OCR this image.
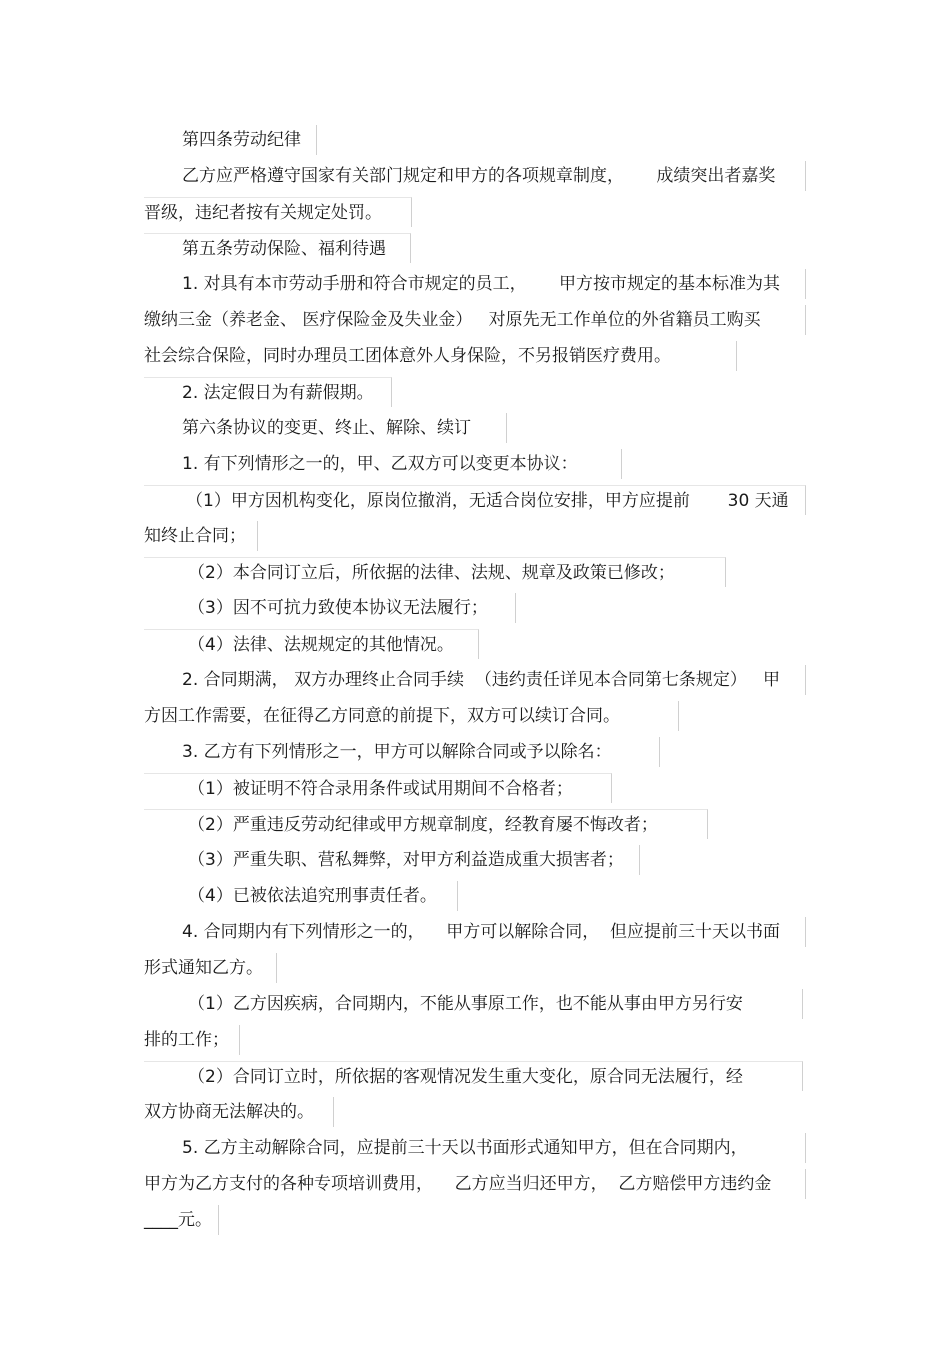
第四条劳动纪律
乙方应严格遵守国家有关部门规定和甲方的各项规章制度，      成绩突出者嘉奖
晋级，违纪者按有关规定处罚。
第五条劳动保险、福利待遇
1. 对具有本市劳动手册和符合市规定的员工，      甲方按市规定的基本标准为其
缴纳三金（养老金、 医疗保险金及失业金）   对原先无工作单位的外省籍员工购买
社会综合保险，同时办理员工团体意外人身保险，不另报销医疗费用。
2. 法定假日为有薪假期。
第六条协议的变更、终止、解除、续订
1. 有下列情形之一的，甲、乙双方可以变更本协议：
（1）甲方因机构变化，原岗位撤消，无适合岗位安排，甲方应提前       30 天通
知终止合同；
（2）本合同订立后，所依据的法律、法规、规章及政策已修改；
（3）因不可抗力致使本协议无法履行；
（4）法律、法规规定的其他情况。
2. 合同期满， 双方办理终止合同手续  （违约责任详见本合同第七条规定）   甲
方因工作需要，在征得乙方同意的前提下，双方可以续订合同。
3. 乙方有下列情形之一，甲方可以解除合同或予以除名：
（1）被证明不符合录用条件或试用期间不合格者；
（2）严重违反劳动纪律或甲方规章制度，经教育屡不悔改者；
（3）严重失职、营私舞弊，对甲方利益造成重大损害者；
（4）已被依法追究刑事责任者。
4. 合同期内有下列情形之一的，    甲方可以解除合同，  但应提前三十天以书面
形式通知乙方。
（1）乙方因疾病，合同期内，不能从事原工作，也不能从事由甲方另行安
排的工作；
（2）合同订立时，所依据的客观情况发生重大变化，原合同无法履行，经
双方协商无法解决的。
5. 乙方主动解除合同，应提前三十天以书面形式通知甲方，但在合同期内，
甲方为乙方支付的各种专项培训费用，    乙方应当归还甲方，  乙方赔偿甲方违约金
____元。
